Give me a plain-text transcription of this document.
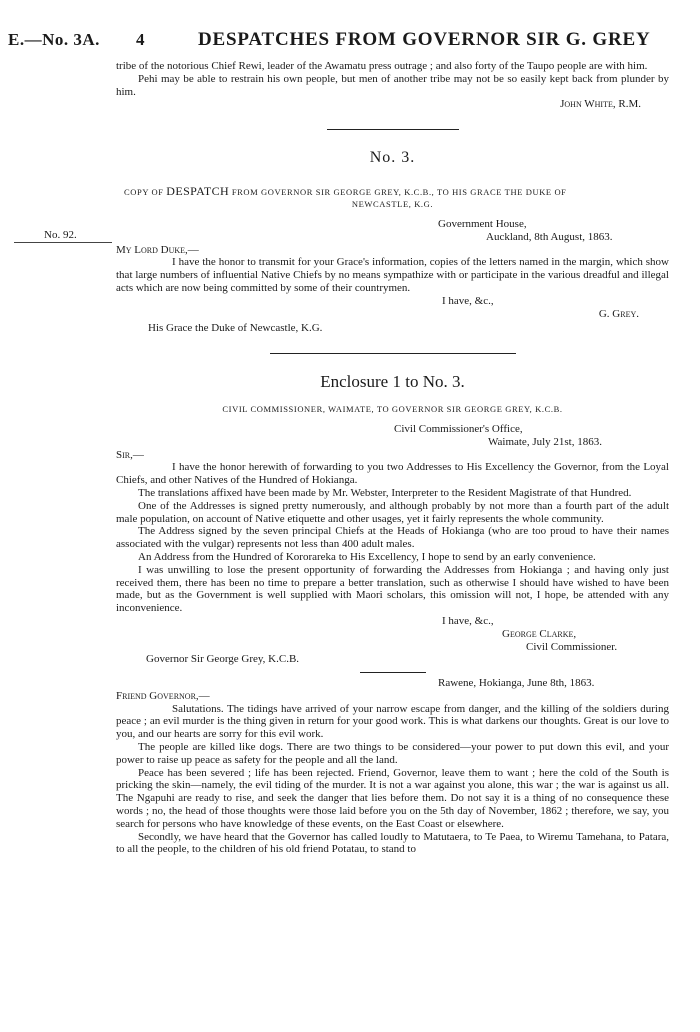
E.—No. 3A. 4	DESPATCHES FROM GOVERNOR SIR G. GREY
No. 92.

tribe of the notorious Chief Rewi, leader of the Awamatu press outrage ; and also forty of the Taupo people are with him.

Pehi may be able to restrain his own people, but men of another tribe may not be so easily kept back from plunder by him.

John White, R.M.

No. 3.
COPY OF DESPATCH FROM GOVERNOR SIR GEORGE GREY, K.C.B., TO HIS GRACE THE DUKE OF
NEWCASTLE, K.G.
Government House,
Auckland, 8th August, 1863.

My Lord Duke,—

I have the honor to transmit for your Grace's information, copies of the letters named in the margin, which show that large numbers of influential Native Chiefs by no means sympathize with or participate in the various dreadful and illegal acts which are now being committed by some of their countrymen.

I have, &c.,

G. Grey.

His Grace the Duke of Newcastle, K.G.
Enclosure 1 to No. 3.
CIVIL COMMISSIONER, WAIMATE, TO GOVERNOR SIR GEORGE GREY, K.C.B.
Civil Commissioner's Office,
Waimate, July 21st, 1863.

Sir,—

I have the honor herewith of forwarding to you two Addresses to His Excellency the Governor, from the Loyal Chiefs, and other Natives of the Hundred of Hokianga.

The translations affixed have been made by Mr. Webster, Interpreter to the Resident Magistrate of that Hundred.

One of the Addresses is signed pretty numerously, and although probably by not more than a fourth part of the adult male population, on account of Native etiquette and other usages, yet it fairly represents the whole community.

The Address signed by the seven principal Chiefs at the Heads of Hokianga (who are too proud to have their names associated with the vulgar) represents not less than 400 adult males.

An Address from the Hundred of Kororareka to His Excellency, I hope to send by an early convenience.

I was unwilling to lose the present opportunity of forwarding the Addresses from Hokianga ; and having only just received them, there has been no time to prepare a better translation, such as otherwise I should have wished to have been made, but as the Government is well supplied with Maori scholars, this omission will not, I hope, be attended with any inconvenience.

I have, &c.,
George Clarke,
Civil Commissioner.
Governor Sir George Grey, K.C.B.
Rawene, Hokianga, June 8th, 1863.

Friend Governor,—

Salutations. The tidings have arrived of your narrow escape from danger, and the killing of the soldiers during peace ; an evil murder is the thing given in return for your good work. This is what darkens our thoughts. Great is our love to you, and our hearts are sorry for this evil work.

The people are killed like dogs. There are two things to be considered—your power to put down this evil, and your power to raise up peace as safety for the people and all the land.

Peace has been severed ; life has been rejected. Friend, Governor, leave them to want ; here the cold of the South is pricking the skin—namely, the evil tiding of the murder. It is not a war against you alone, this war ; the war is against us all. The Ngapuhi are ready to rise, and seek the danger that lies before them. Do not say it is a thing of no consequence these words ; no, the head of those thoughts were those laid before you on the 5th day of November, 1862 ; therefore, we say, you search for persons who have knowledge of these events, on the East Coast or elsewhere.

Secondly, we have heard that the Governor has called loudly to Matutaera, to Te Paea, to Wiremu Tamehana, to Patara, to all the people, to the children of his old friend Potatau, to stand to
